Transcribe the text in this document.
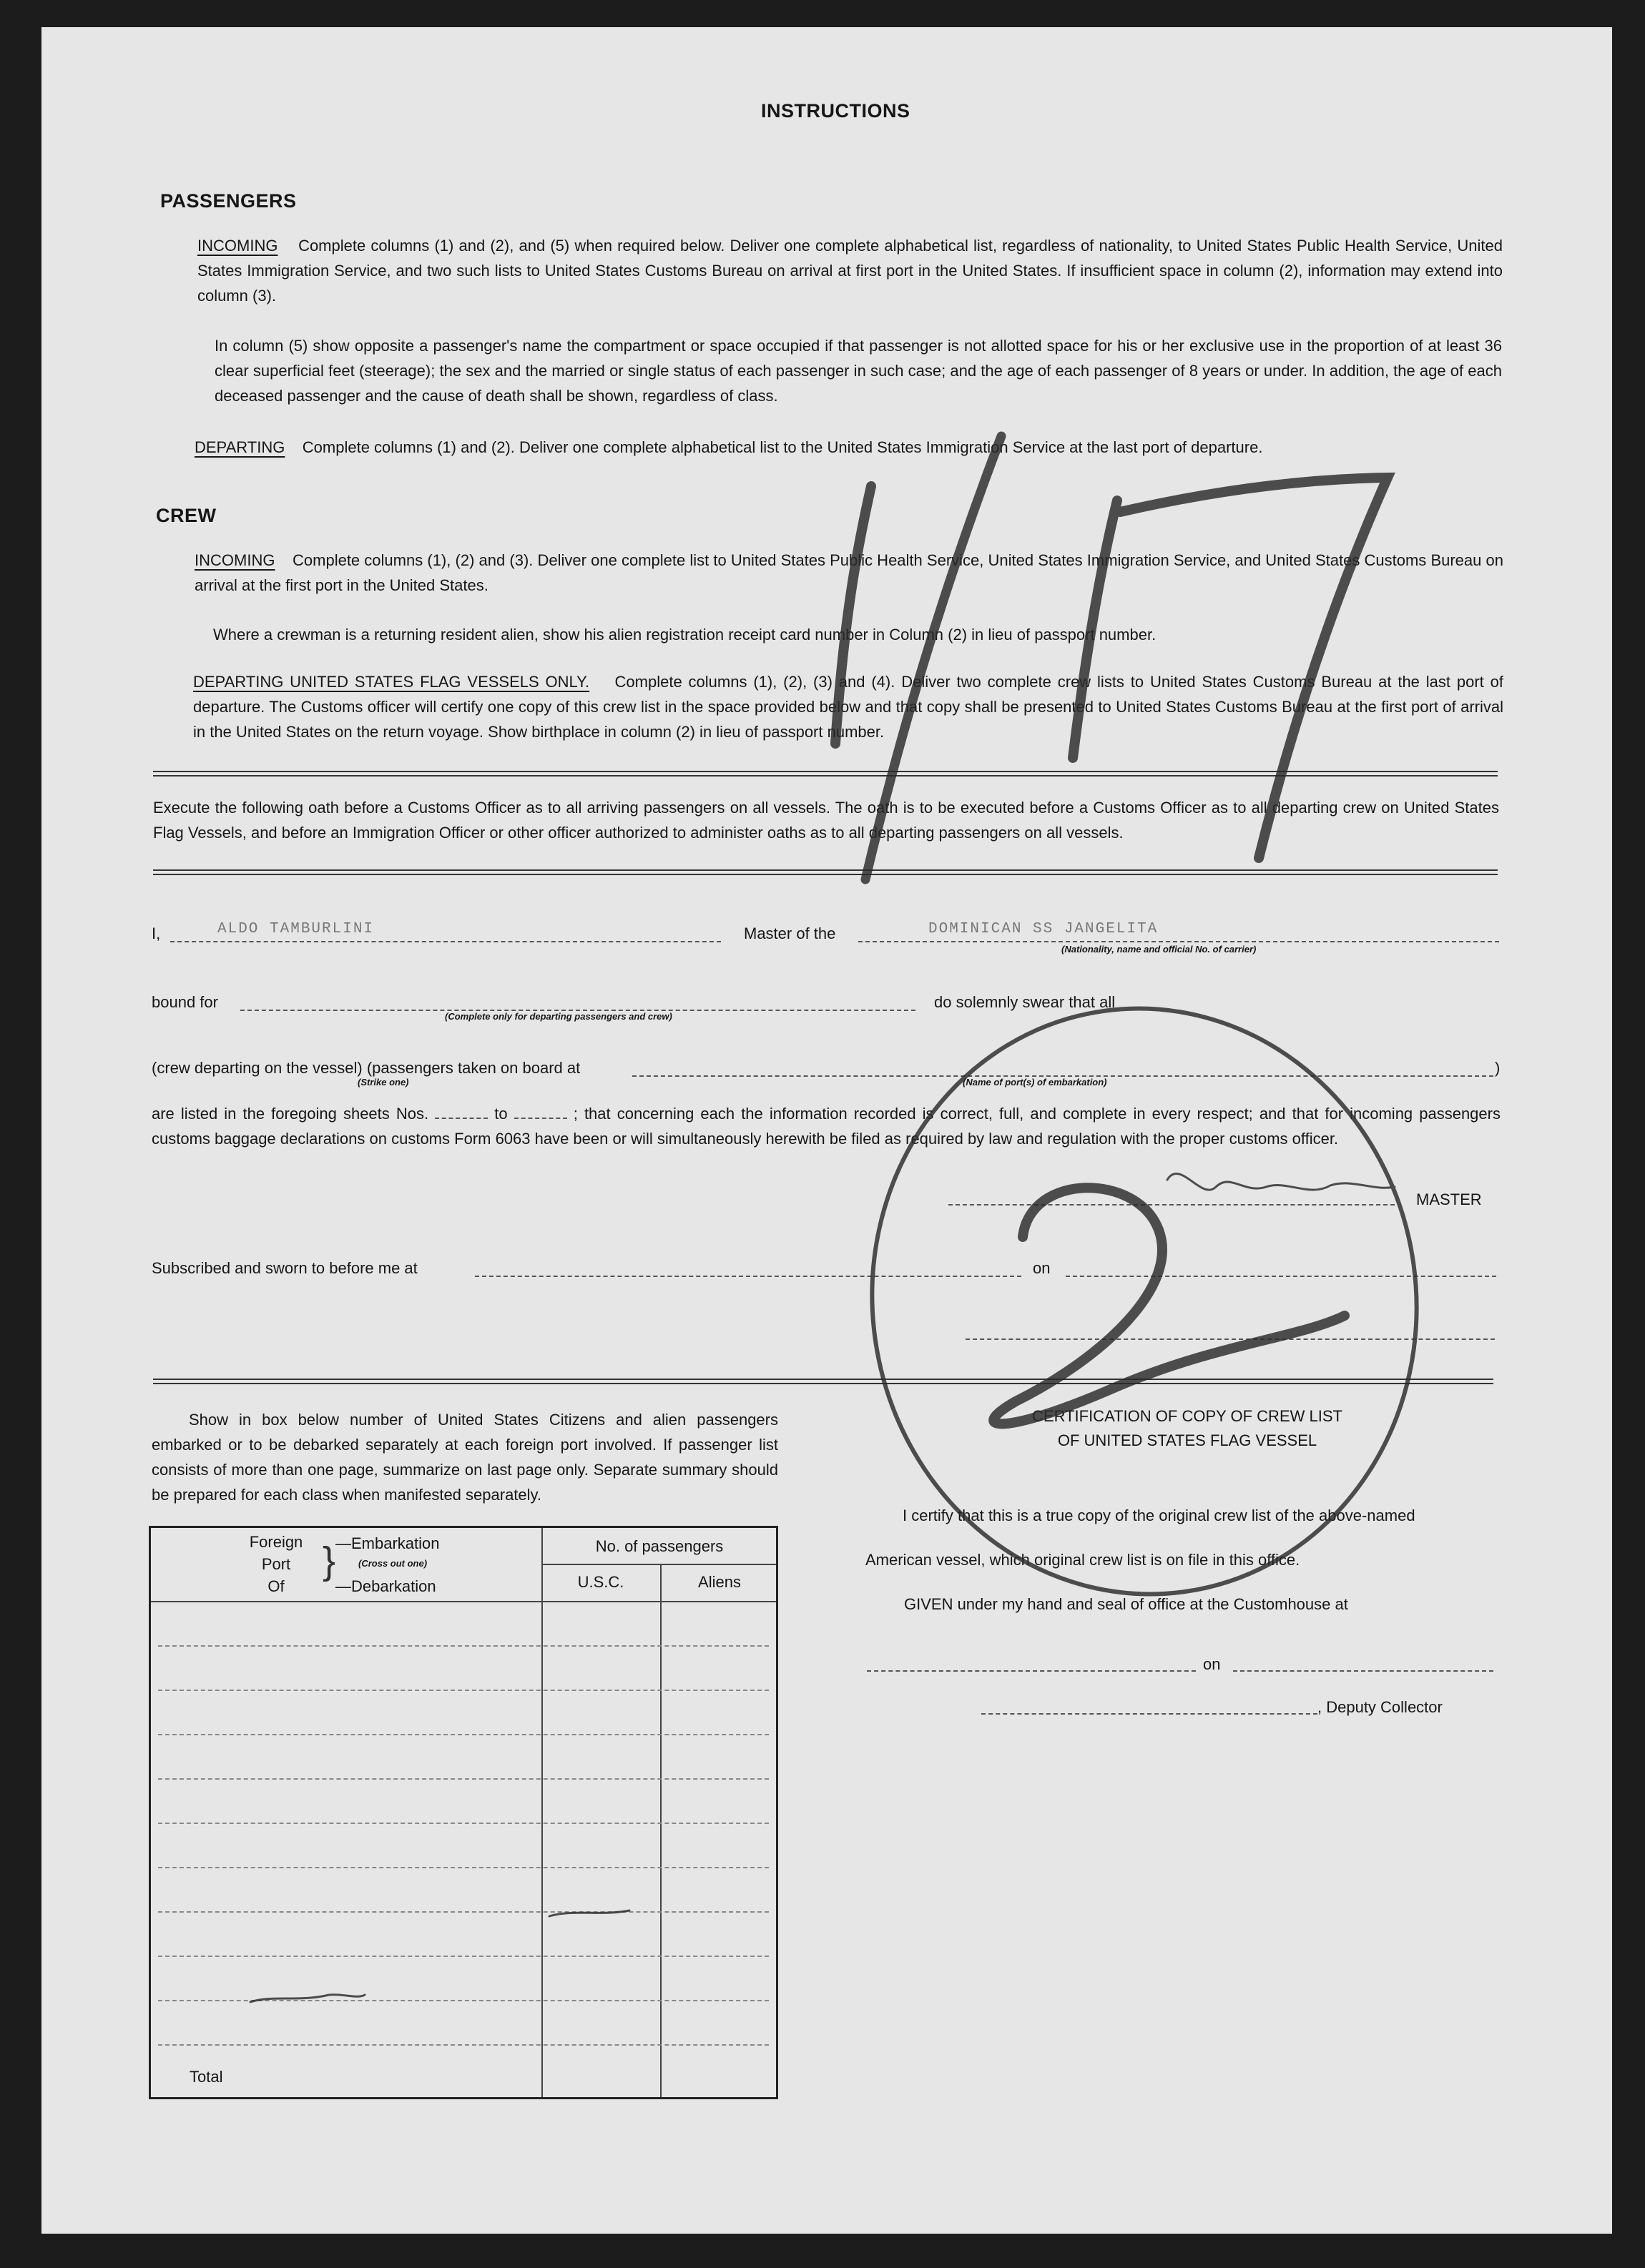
INSTRUCTIONS
PASSENGERS
INCOMING Complete columns (1) and (2), and (5) when required below. Deliver one complete alphabetical list, regardless of nationality, to United States Public Health Service, United States Immigration Service, and two such lists to United States Customs Bureau on arrival at first port in the United States. If insufficient space in column (2), information may extend into column (3).
In column (5) show opposite a passenger's name the compartment or space occupied if that passenger is not allotted space for his or her exclusive use in the proportion of at least 36 clear superficial feet (steerage); the sex and the married or single status of each passenger in such case; and the age of each passenger of 8 years or under. In addition, the age of each deceased passenger and the cause of death shall be shown, regardless of class.
DEPARTING Complete columns (1) and (2). Deliver one complete alphabetical list to the United States Immigration Service at the last port of departure.
CREW
INCOMING Complete columns (1), (2) and (3). Deliver one complete list to United States Public Health Service, United States Immigration Service, and United States Customs Bureau on arrival at the first port in the United States.
Where a crewman is a returning resident alien, show his alien registration receipt card number in Column (2) in lieu of passport number.
DEPARTING UNITED STATES FLAG VESSELS ONLY. Complete columns (1), (2), (3) and (4). Deliver two complete crew lists to United States Customs Bureau at the last port of departure. The Customs officer will certify one copy of this crew list in the space provided below and that copy shall be presented to United States Customs Bureau at the first port of arrival in the United States on the return voyage. Show birthplace in column (2) in lieu of passport number.
Execute the following oath before a Customs Officer as to all arriving passengers on all vessels. The oath is to be executed before a Customs Officer as to all departing crew on United States Flag Vessels, and before an Immigration Officer or other officer authorized to administer oaths as to all departing passengers on all vessels.
I,	ALDO TAMBURLINI	Master of the	DOMINICAN SS JANGELITA
(Nationality, name and official No. of carrier)
bound for
(Complete only for departing passengers and crew)
do solemnly swear that all
(crew departing on the vessel) (passengers taken on board at	)
(Strike one)	(Name of port(s) of embarkation)
are listed in the foregoing sheets Nos.	to	; that concerning each the information recorded is correct, full, and complete in every respect; and that for incoming passengers customs baggage declarations on customs Form 6063 have been or will simultaneously herewith be filed as required by law and regulation with the proper customs officer.
MASTER
Subscribed and sworn to before me at	on
Show in box below number of United States Citizens and alien passengers embarked or to be debarked separately at each foreign port involved. If passenger list consists of more than one page, summarize on last page only. Separate summary should be prepared for each class when manifested separately.
Foreign
Port
Of
} —Embarkation
(Cross out one)
—Debarkation
No. of passengers
U.S.C.	Aliens
Total
CERTIFICATION OF COPY OF CREW LIST
OF UNITED STATES FLAG VESSEL
I certify that this is a true copy of the original crew list of the above-named
American vessel, which original crew list is on file in this office.
GIVEN under my hand and seal of office at the Customhouse at
on
, Deputy Collector
